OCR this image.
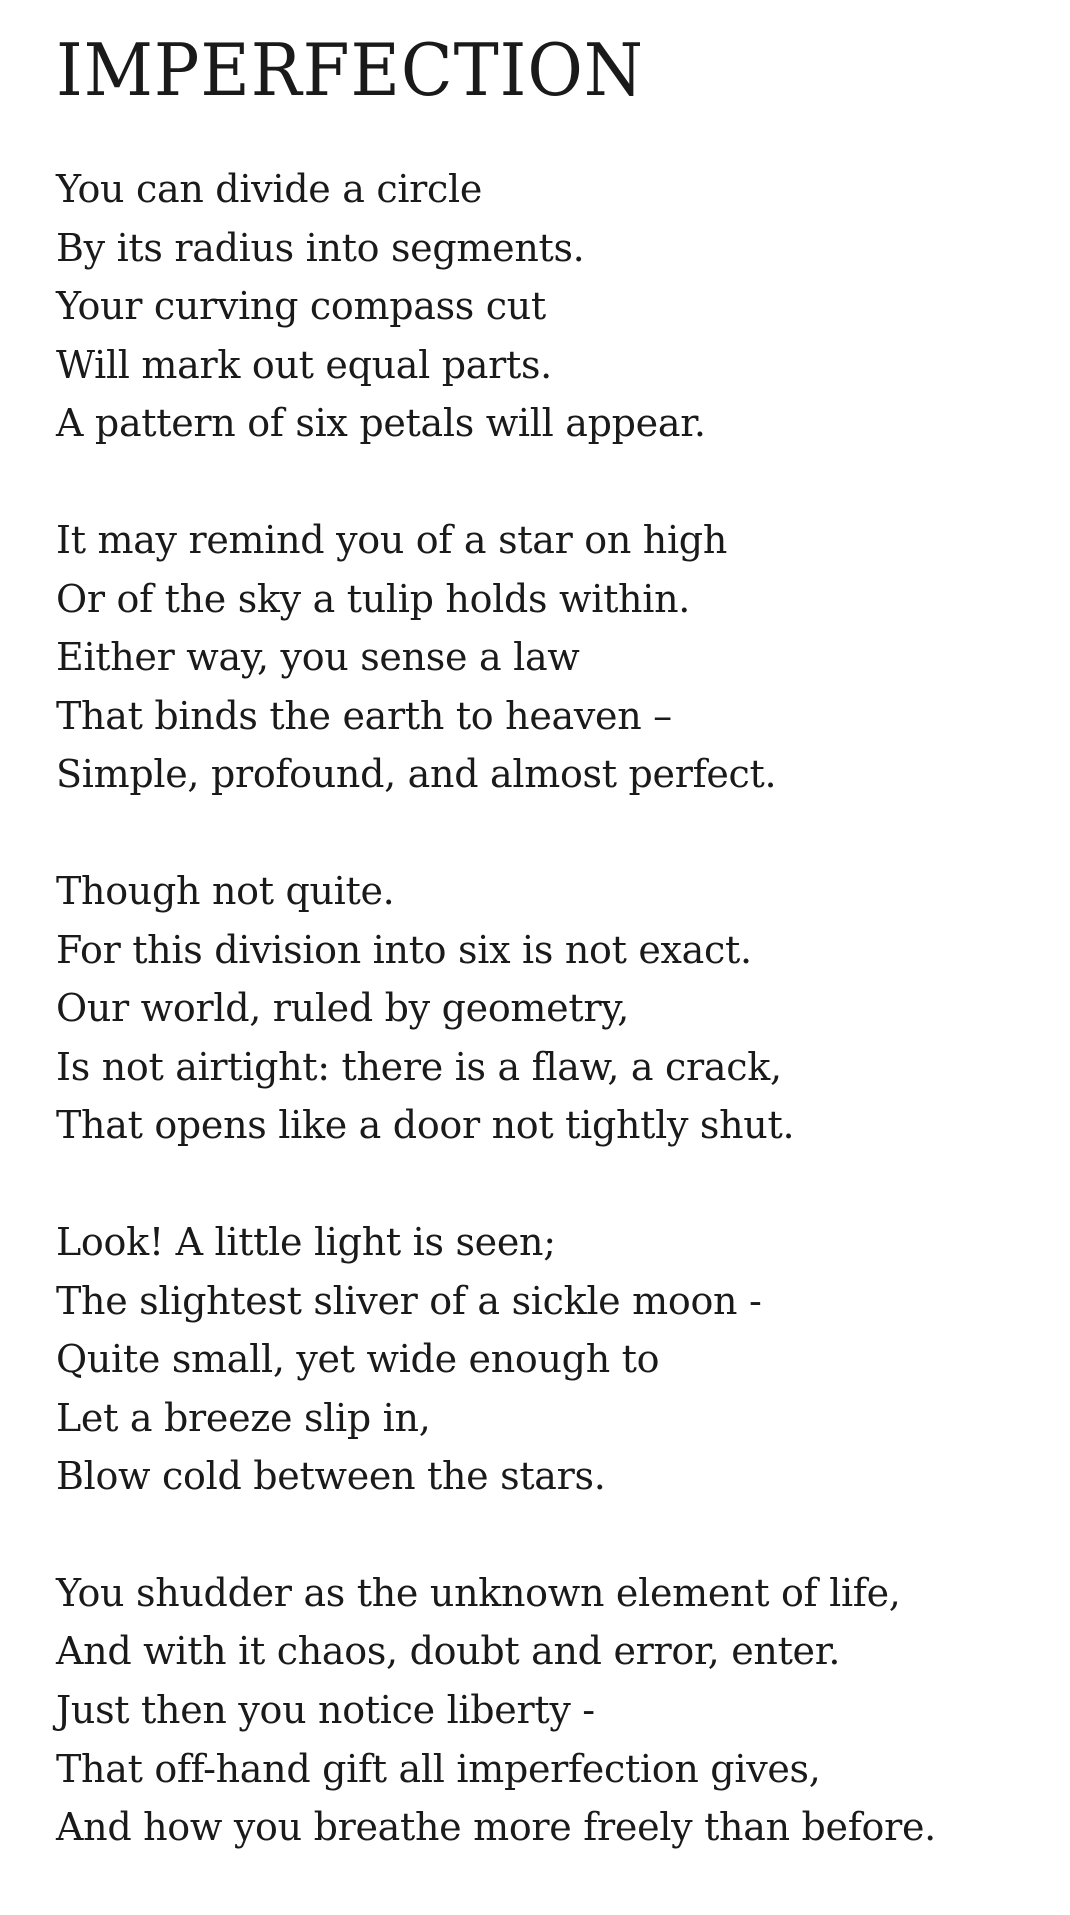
IMPERFECTION
You can divide a circle
By its radius into segments.
Your curving compass cut
Will mark out equal parts.
A pattern of six petals will appear.
It may remind you of a star on high
Or of the sky a tulip holds within.
Either way, you sense a law
That binds the earth to heaven –
Simple, profound, and almost perfect.
Though not quite.
For this division into six is not exact.
Our world, ruled by geometry,
Is not airtight: there is a flaw, a crack,
That opens like a door not tightly shut.
Look! A little light is seen;
The slightest sliver of a sickle moon -
Quite small, yet wide enough to
Let a breeze slip in,
Blow cold between the stars.
You shudder as the unknown element of life,
And with it chaos, doubt and error, enter.
Just then you notice liberty -
That off-hand gift all imperfection gives,
And how you breathe more freely than before.
